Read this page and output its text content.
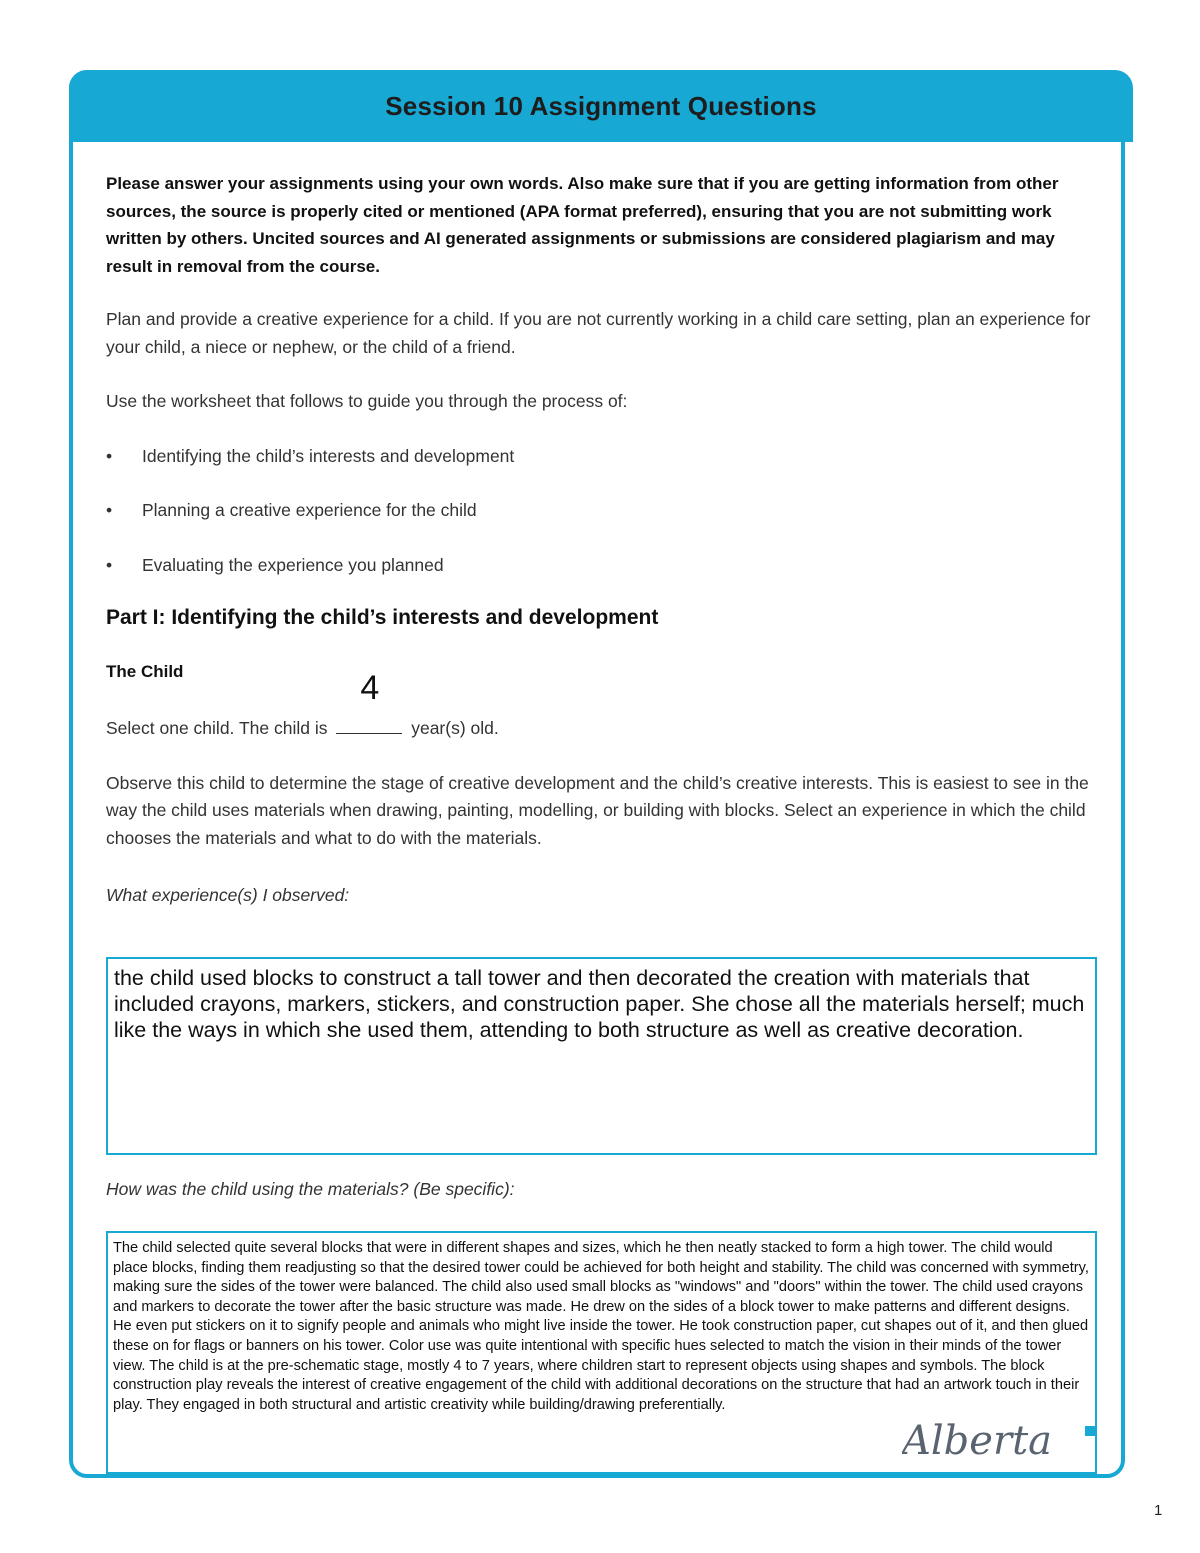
Session 10 Assignment Questions

Please answer your assignments using your own words. Also make sure that if you are getting information from other sources, the source is properly cited or mentioned (APA format preferred), ensuring that you are not submitting work written by others. Uncited sources and AI generated assignments or submissions are considered plagiarism and may result in removal from the course.

Plan and provide a creative experience for a child. If you are not currently working in a child care setting, plan an experience for your child, a niece or nephew, or the child of a friend.

Use the worksheet that follows to guide you through the process of:

•	Identifying the child’s interests and development
•	Planning a creative experience for the child
•	Evaluating the experience you planned

Part I: Identifying the child’s interests and development

The Child

Select one child. The child is
4
year(s) old.

Observe this child to determine the stage of creative development and the child’s creative interests. This is easiest to see in the way the child uses materials when drawing, painting, modelling, or building with blocks. Select an experience in which the child chooses the materials and what to do with the materials.

What experience(s) I observed:

the child used blocks to construct a tall tower and then decorated the creation with materials that included crayons, markers, stickers, and construction paper. She chose all the materials herself; much like the ways in which she used them, attending to both structure as well as creative decoration.

How was the child using the materials? (Be specific):

The child selected quite several blocks that were in different shapes and sizes, which he then neatly stacked to form a high tower. The child would place blocks, finding them readjusting so that the desired tower could be achieved for both height and stability. The child was concerned with symmetry, making sure the sides of the tower were balanced. The child also used small blocks as "windows" and "doors" within the tower. The child used crayons and markers to decorate the tower after the basic structure was made. He drew on the sides of a block tower to make patterns and different designs. He even put stickers on it to signify people and animals who might live inside the tower. He took construction paper, cut shapes out of it, and then glued these on for flags or banners on his tower. Color use was quite intentional with specific hues selected to match the vision in their minds of the tower view. The child is at the pre-schematic stage, mostly 4 to 7 years, where children start to represent objects using shapes and symbols. The block construction play reveals the interest of creative engagement of the child with additional decorations on the structure that had an artwork touch in their play. They engaged in both structural and artistic creativity while building/drawing preferentially.
Alberta
1
